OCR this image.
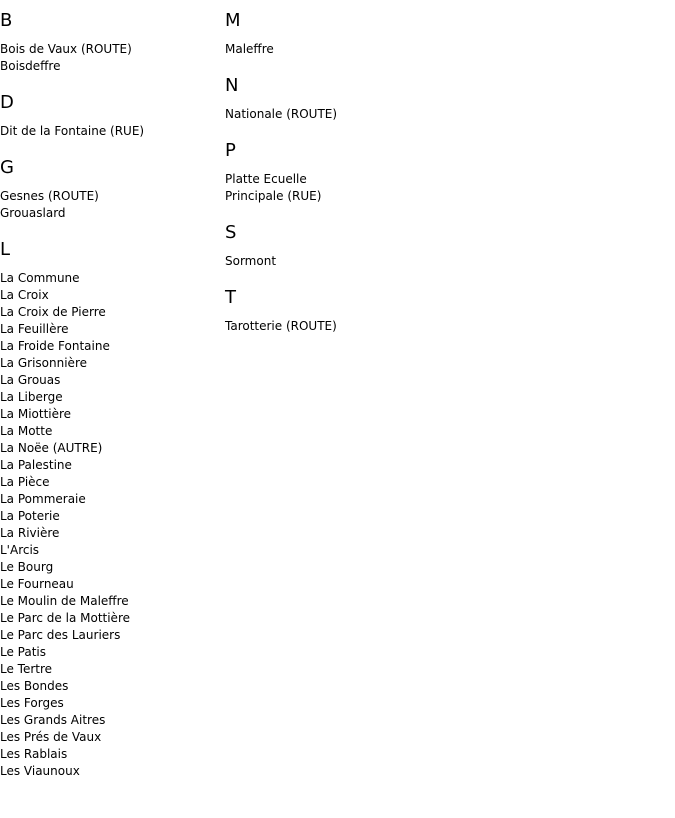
B
Bois de Vaux (ROUTE)
Boisdeffre
D
Dit de la Fontaine (RUE)
G
Gesnes (ROUTE)
Grouaslard
L
La Commune
La Croix
La Croix de Pierre
La Feuillère
La Froide Fontaine
La Grisonnière
La Grouas
La Liberge
La Miottière
La Motte
La Noëe (AUTRE)
La Palestine
La Pièce
La Pommeraie
La Poterie
La Rivière
L'Arcis
Le Bourg
Le Fourneau
Le Moulin de Maleffre
Le Parc de la Mottière
Le Parc des Lauriers
Le Patis
Le Tertre
Les Bondes
Les Forges
Les Grands Aitres
Les Prés de Vaux
Les Rablais
Les Viaunoux
M
Maleffre
N
Nationale (ROUTE)
P
Platte Ecuelle
Principale (RUE)
S
Sormont
T
Tarotterie (ROUTE)
